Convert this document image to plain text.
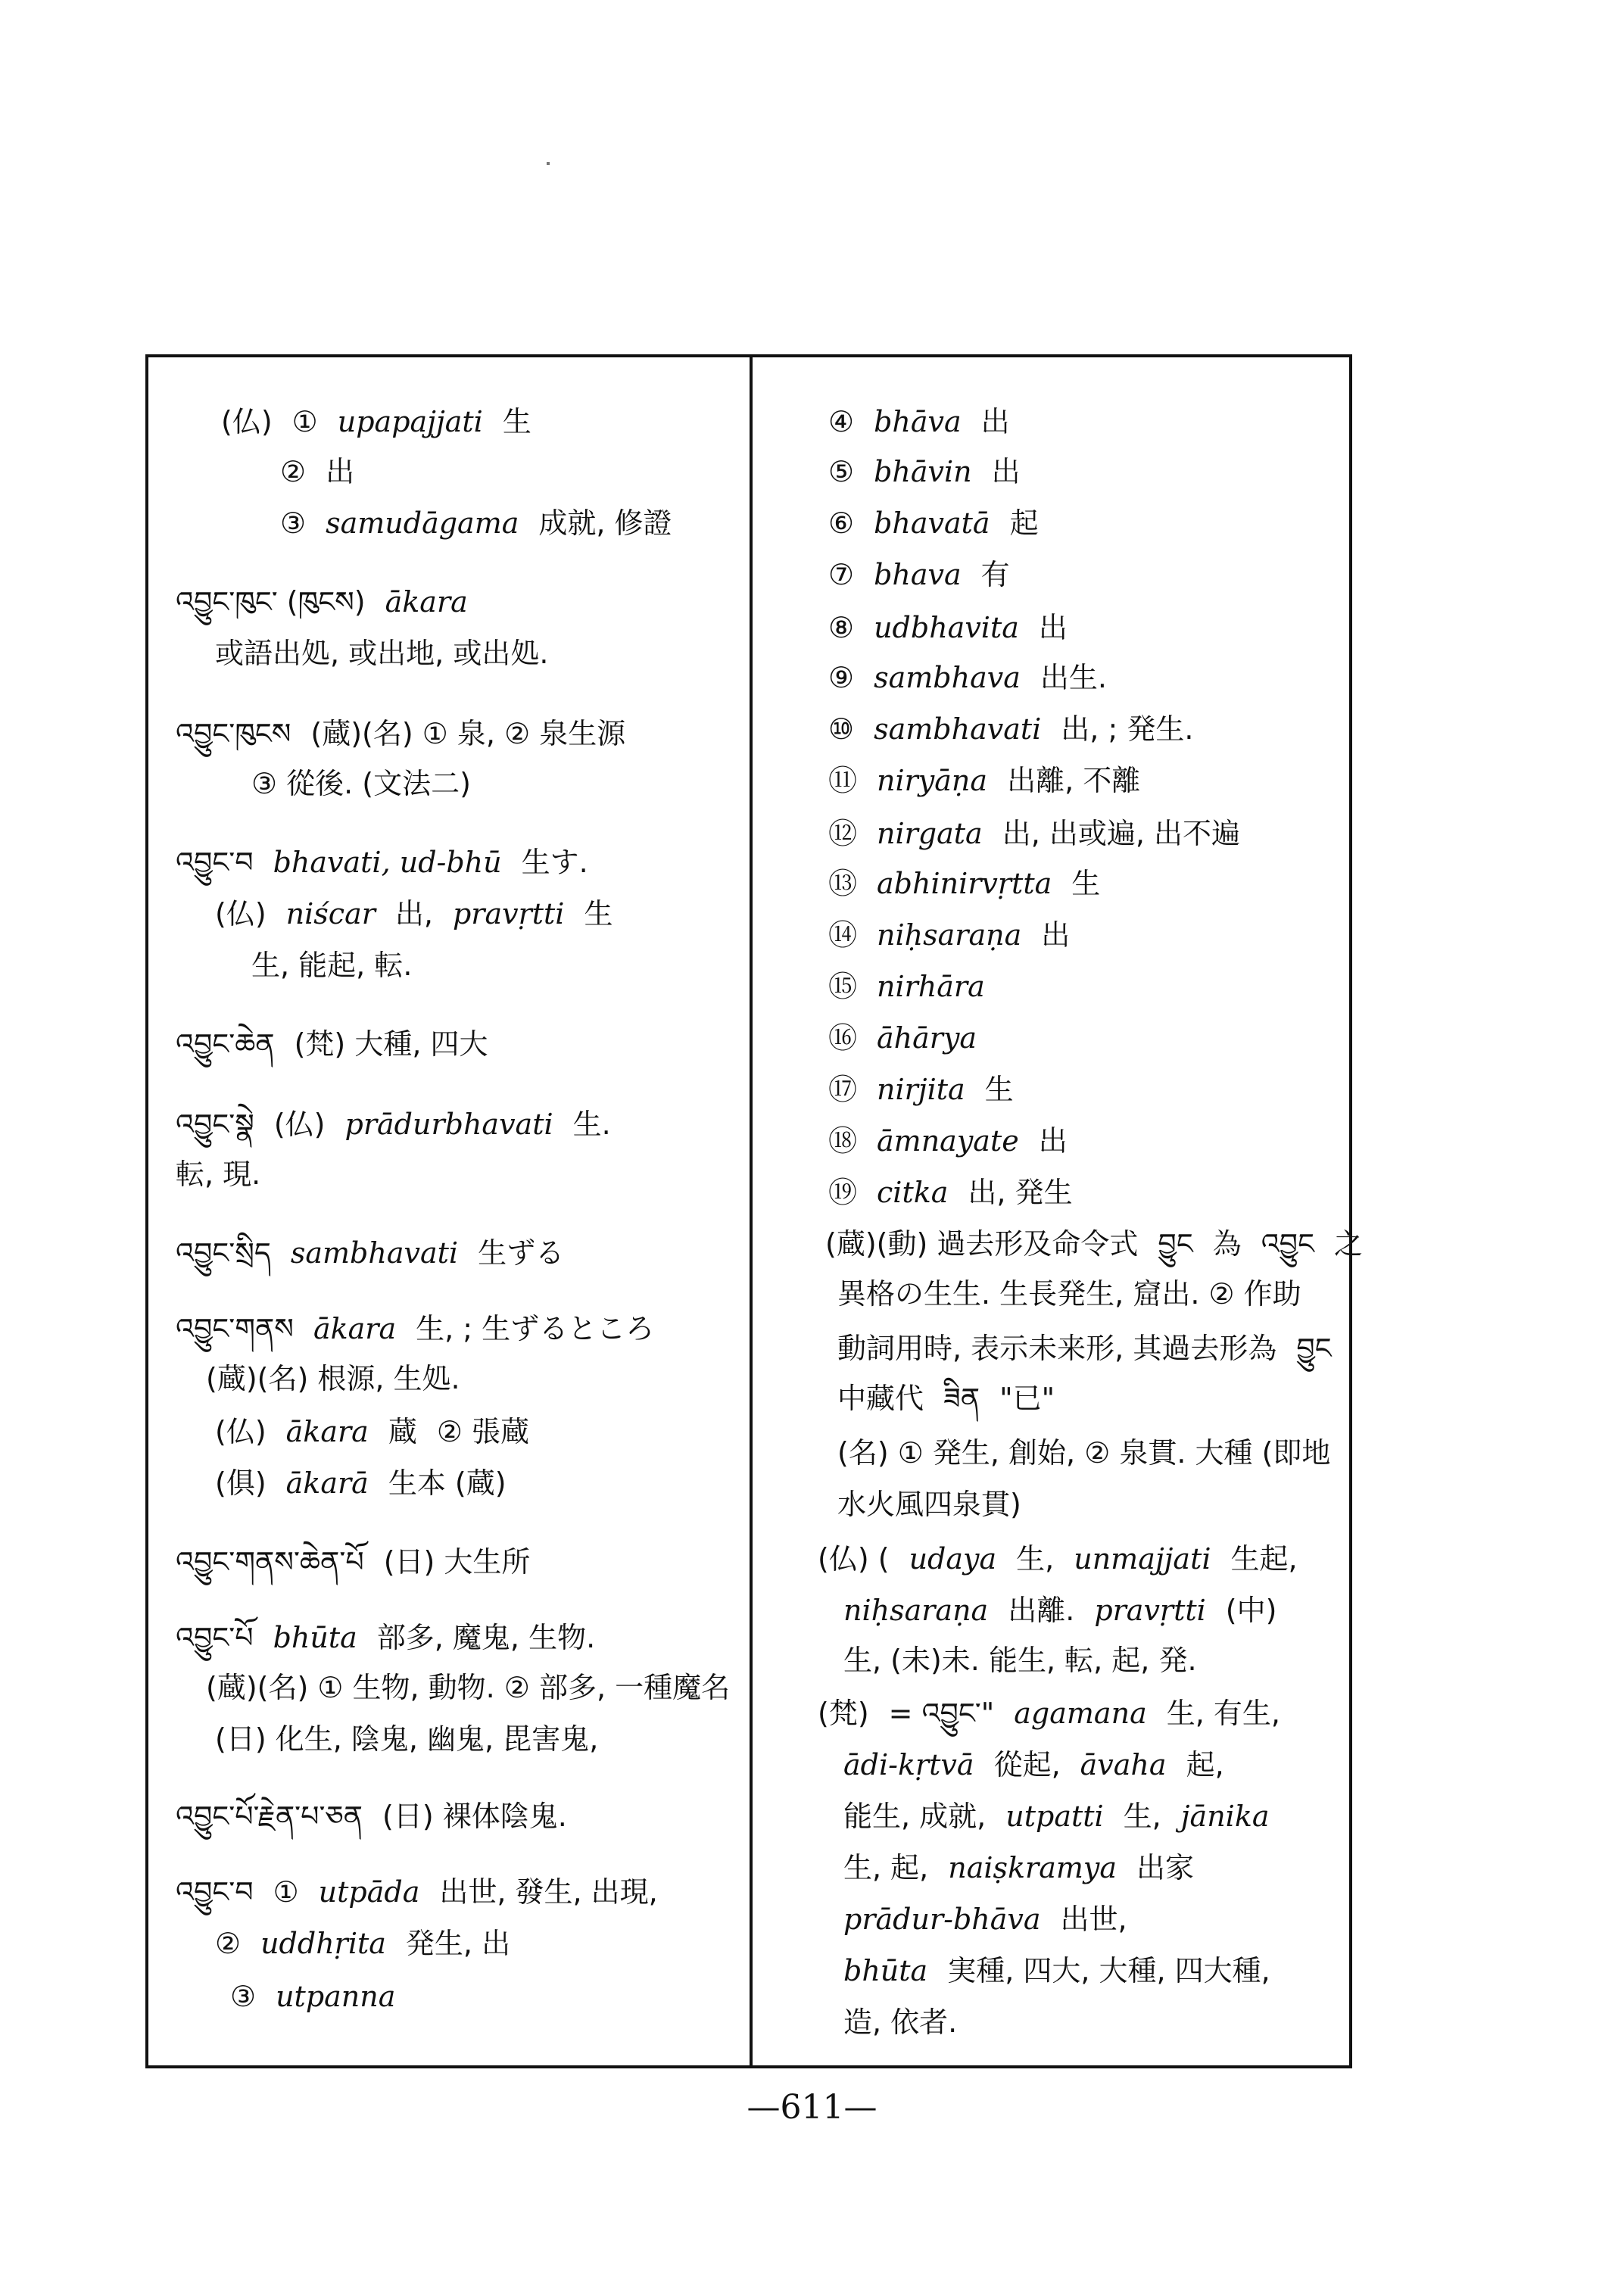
(仏) ① upapajjati 生
② 出
③ samudāgama 成就, 修證
འབྱུང་ཁུང་ (ཁུངས) ākara
或語出処, 或出地, 或出処.
འབྱུང་ཁུངས (蔵)(名) ① 泉, ② 泉生源
③ 從後. (文法二)
འབྱུང་བ bhavati, ud-bhū 生す.
(仏) niścar 出, pravṛtti 生
生, 能起, 転.
འབྱུང་ཆེན (梵) 大種, 四大
འབྱུང་སྣེ (仏) prādurbhavati 生.
転, 現.
འབྱུང་སྲིད sambhavati 生ずる
འབྱུང་གནས ākara 生, ; 生ずるところ
(蔵)(名) 根源, 生処.
(仏) ākara 蔵 ② 張蔵
(俱) ākarā 生本 (蔵)
འབྱུང་གནས་ཆེན་པོ (日) 大生所
འབྱུང་པོ bhūta 部多, 魔鬼, 生物.
(蔵)(名) ① 生物, 動物. ② 部多, 一種魔名
(日) 化生, 陰鬼, 幽鬼, 毘害鬼,
འབྱུང་པོ་རྗེན་པ་ཅན (日) 裸体陰鬼.
འབྱུང་བ ① utpāda 出世, 發生, 出現,
② uddhṛita 発生, 出
③ utpanna
④ bhāva 出
⑤ bhāvin 出
⑥ bhavatā 起
⑦ bhava 有
⑧ udbhavita 出
⑨ sambhava 出生.
⑩ sambhavati 出, ; 発生.
⑪ niryāṇa 出離, 不離
⑫ nirgata 出, 出或遍, 出不遍
⑬ abhinirvṛtta 生
⑭ niḥsaraṇa 出
⑮ nirhāra
⑯ āhārya
⑰ nirjita 生
⑱ āmnayate 出
⑲ citka 出, 発生
(蔵)(動) 過去形及命令式 བྱུང 為 འབྱུང 之
異格の生生. 生長発生, 窟出. ② 作助
動詞用時, 表示未来形, 其過去形為 བྱུང
中藏代 ཟིན "已"
(名) ① 発生, 創始, ② 泉貫. 大種 (即地
水火風四泉貫)
(仏) ( udaya 生, unmajjati 生起,
niḥsaraṇa 出離. pravṛtti (中)
生, (未)未. 能生, 転, 起, 発.
(梵) = འབྱུང་" agamana 生, 有生,
ādi-kṛtvā 從起, āvaha 起,
能生, 成就, utpatti 生, jānika
生, 起, naiṣkramya 出家
prādur-bhāva 出世,
bhūta 実種, 四大, 大種, 四大種,
造, 依者.
—611—
